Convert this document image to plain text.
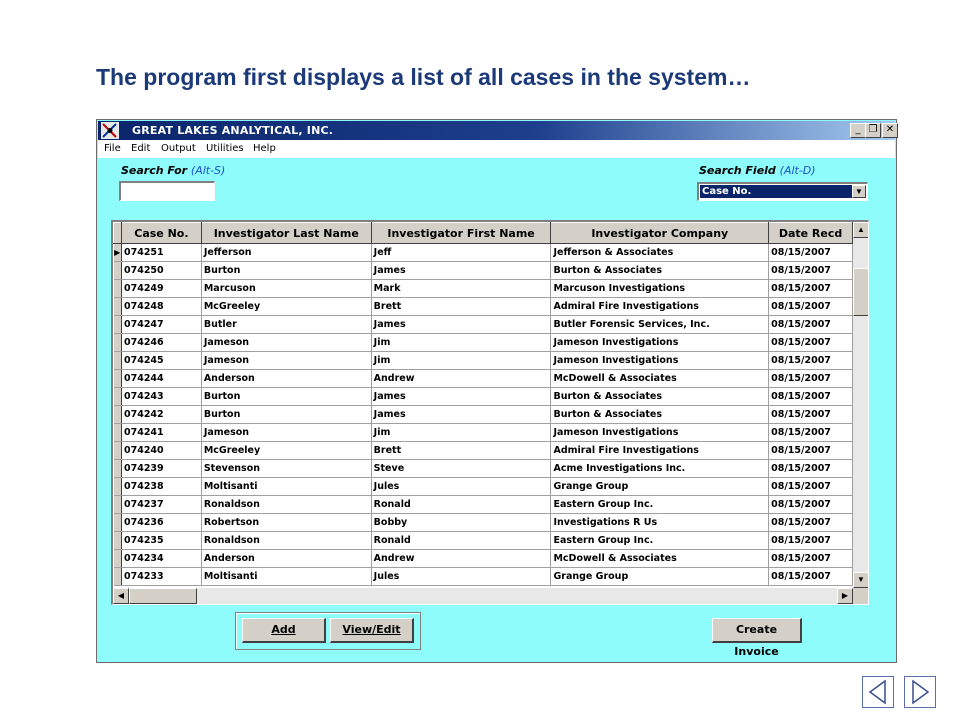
The program first displays a list of all cases in the system…
GREAT LAKES ANALYTICAL, INC.	_ ❐ ✕
File Edit Output Utilities Help
Search For (Alt-S)	Search Field (Alt-D)
Case No.	▼
	Case No.	Investigator Last Name	Investigator First Name	Investigator Company	Date Recd
▶	074251	Jefferson	Jeff	Jefferson & Associates	08/15/2007
	074250	Burton	James	Burton & Associates	08/15/2007
	074249	Marcuson	Mark	Marcuson Investigations	08/15/2007
	074248	McGreeley	Brett	Admiral Fire Investigations	08/15/2007
	074247	Butler	James	Butler Forensic Services, Inc.	08/15/2007
	074246	Jameson	Jim	Jameson Investigations	08/15/2007
	074245	Jameson	Jim	Jameson Investigations	08/15/2007
	074244	Anderson	Andrew	McDowell & Associates	08/15/2007
	074243	Burton	James	Burton & Associates	08/15/2007
	074242	Burton	James	Burton & Associates	08/15/2007
	074241	Jameson	Jim	Jameson Investigations	08/15/2007
	074240	McGreeley	Brett	Admiral Fire Investigations	08/15/2007
	074239	Stevenson	Steve	Acme Investigations Inc.	08/15/2007
	074238	Moltisanti	Jules	Grange Group	08/15/2007
	074237	Ronaldson	Ronald	Eastern Group Inc.	08/15/2007
	074236	Robertson	Bobby	Investigations R Us	08/15/2007
	074235	Ronaldson	Ronald	Eastern Group Inc.	08/15/2007
	074234	Anderson	Andrew	McDowell & Associates	08/15/2007
	074233	Moltisanti	Jules	Grange Group	08/15/2007
▲
▼
◀	▶
Add	View/Edit	Create Invoice
